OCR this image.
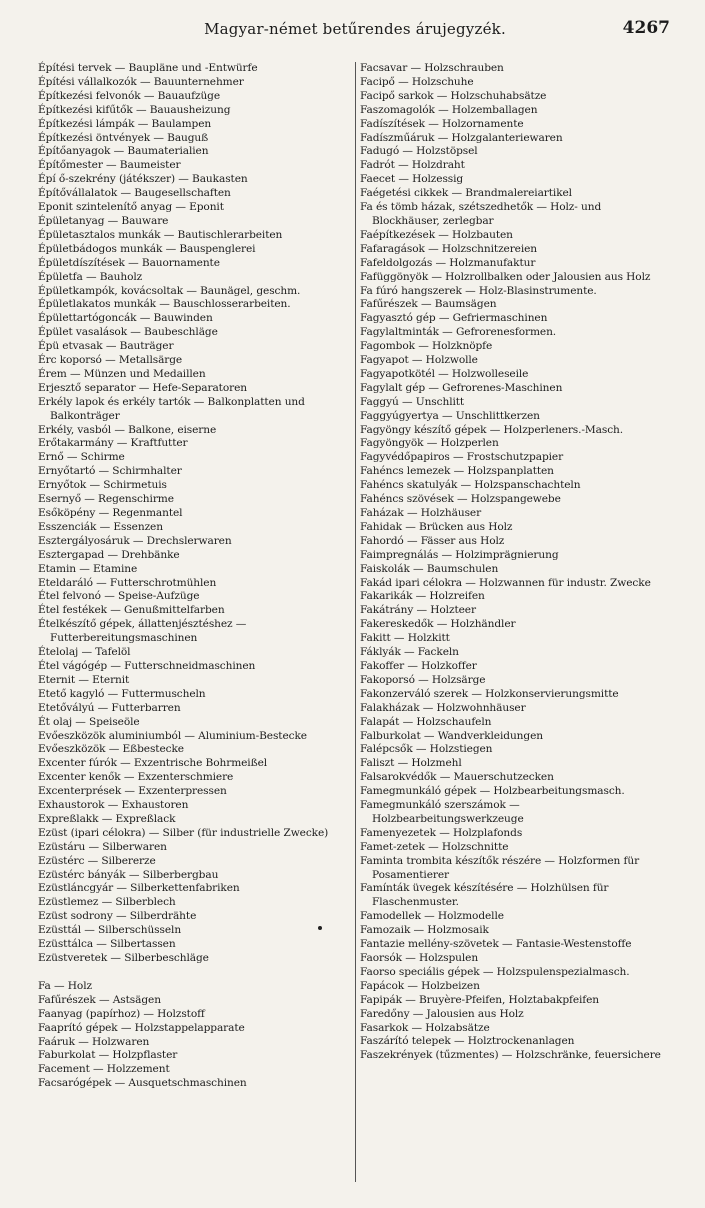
Magyar-német betűrendes árujegyzék.	4267

Építési tervek — Baupläne und -Entwürfe

Építési vállalkozók — Bauunternehmer

Építkezési felvonók — Bauaufzüge

Építkezési kifűtők — Bauausheizung

Építkezési lámpák — Baulampen

Építkezési öntvények — Bauguß

Építőanyagok — Baumaterialien

Építőmester — Baumeister

Épí ő-szekrény (játékszer) — Baukasten

Építővállalatok — Baugesellschaften

Eponit szintelenítő anyag — Eponit

Épületanyag — Bauware

Épületasztalos munkák — Bautischlerarbeiten

Épületbádogos munkák — Bauspenglerei

Épületdíszítések — Bauornamente

Épületfa — Bauholz

Épületkampók, kovácsoltak — Baunägel, geschm.

Épületlakatos munkák — Bauschlosserarbeiten.

Épülettartógoncák — Bauwinden

Épület vasalások — Baubeschläge

Épü etvasak — Bauträger

Érc koporsó — Metallsärge

Érem — Münzen und Medaillen

Erjesztő separator — Hefe-Separatoren

Erkély lapok és erkély tartók — Balkonplatten und Balkonträger

Erkély, vasból — Balkone, eiserne

Erőtakarmány — Kraftfutter

Ernő — Schirme

Ernyőtartó — Schirmhalter

Ernyőtok — Schirmetuis

Esernyő — Regenschirme

Esőköpény — Regenmantel

Esszenciák — Essenzen

Esztergályosáruk — Drechslerwaren

Esztergapad — Drehbänke

Etamin — Etamine

Eteldaráló — Futterschrotmühlen

Étel felvonó — Speise-Aufzüge

Étel festékek — Genußmittelfarben

Ételkészítő gépek, állattenjésztéshez — Futterbereitungsmaschinen

Ételolaj — Tafelöl

Étel vágógép — Futterschneidmaschinen

Eternit — Eternit

Etető kagyló — Futtermuscheln

Etetővályú — Futterbarren

Ét olaj — Speiseöle

Evőeszközök aluminiumból — Aluminium-Bestecke

Evőeszközök — Eßbestecke

Excenter fúrók — Exzentrische Bohrmeißel

Excenter kenők — Exzenterschmiere

Excenterprések — Exzenterpressen

Exhaustorok — Exhaustoren

Expreßlakk — Expreßlack

Ezüst (ipari célokra) — Silber (für industrielle Zwecke)

Ezüstáru — Silberwaren

Ezüstérc — Silbererze

Ezüstérc bányák — Silberbergbau

Ezüstláncgyár — Silberkettenfabriken

Ezüstlemez — Silberblech

Ezüst sodrony — Silberdrähte

Ezüsttál — Silberschüsseln

Ezüsttálca — Silbertassen

Ezüstveretek — Silberbeschläge

Fa — Holz

Fafűrészek — Astsägen

Faanyag (papírhoz) — Holzstoff

Faaprító gépek — Holzstappelapparate

Faáruk — Holzwaren

Faburkolat — Holzpflaster

Facement — Holzzement

Facsarógépek — Ausquetschmaschinen

Facsavar — Holzschrauben

Facipő — Holzschuhe

Facipő sarkok — Holzschuhabsätze

Faszomagolók — Holzemballagen

Fadíszítések — Holzornamente

Fadíszműáruk — Holzgalanteriewaren

Fadugó — Holzstöpsel

Fadrót — Holzdraht

Faecet — Holzessig

Faégetési cikkek — Brandmalereiartikel

Fa és tömb házak, szétszedhetők — Holz- und Blockhäuser, zerlegbar

Faépítkezések — Holzbauten

Fafaragások — Holzschnitzereien

Fafeldolgozás — Holzmanufaktur

Fafüggönyök — Holzrollbalken oder Jalousien aus Holz

Fa fúró hangszerek — Holz-Blasinstrumente.

Fafűrészek — Baumsägen

Fagyasztó gép — Gefriermaschinen

Fagylaltminták — Gefrorenesformen.

Fagombok — Holzknöpfe

Fagyapot — Holzwolle

Fagyapotkötél — Holzwolleseile

Fagylalt gép — Gefrorenes-Maschinen

Faggyú — Unschlitt

Faggyúgyertya — Unschlittkerzen

Fagyöngy készítő gépek — Holzperleners.-Masch.

Fagyöngyök — Holzperlen

Fagyvédőpapiros — Frostschutzpapier

Fahéncs lemezek — Holzspanplatten

Fahéncs skatulyák — Holzspanschachteln

Fahéncs szövések — Holzspangewebe

Faházak — Holzhäuser

Fahidak — Brücken aus Holz

Fahordó — Fässer aus Holz

Faimpregnálás — Holzimprägnierung

Faiskolák — Baumschulen

Fakád ipari célokra — Holzwannen für industr. Zwecke

Fakarikák — Holzreifen

Fakátrány — Holzteer

Fakereskedők — Holzhändler

Fakitt — Holzkitt

Fáklyák — Fackeln

Fakoffer — Holzkoffer

Fakoporsó — Holzsärge

Fakonzerváló szerek — Holzkonservierungsmitte

Falakházak — Holzwohnhäuser

Falapát — Holzschaufeln

Falburkolat — Wandverkleidungen

Falépcsők — Holzstiegen

Faliszt — Holzmehl

Falsarokvédők — Mauerschutzecken

Famegmunkáló gépek — Holzbearbeitungsmasch.

Famegmunkáló szerszámok — Holzbearbeitungswerkzeuge

Famenyezetek — Holzplafonds

Famet-zetek — Holzschnitte

Faminta trombita készítők részére — Holzformen für Posamentierer

Famínták üvegek készítésére — Holzhülsen für Flaschenmuster.

Famodellek — Holzmodelle

Famozaik — Holzmosaik

Fantazie mellény-szövetek — Fantasie-Westenstoffe

Faorsók — Holzspulen

Faorso speciális gépek — Holzspulenspezialmasch.

Fapácok — Holzbeizen

Fapipák — Bruyère-Pfeifen, Holztabakpfeifen

Faredőny — Jalousien aus Holz

Fasarkok — Holzabsätze

Faszárító telepek — Holztrockenanlagen

Faszekrények (tűzmentes) — Holzschränke, feuersichere
